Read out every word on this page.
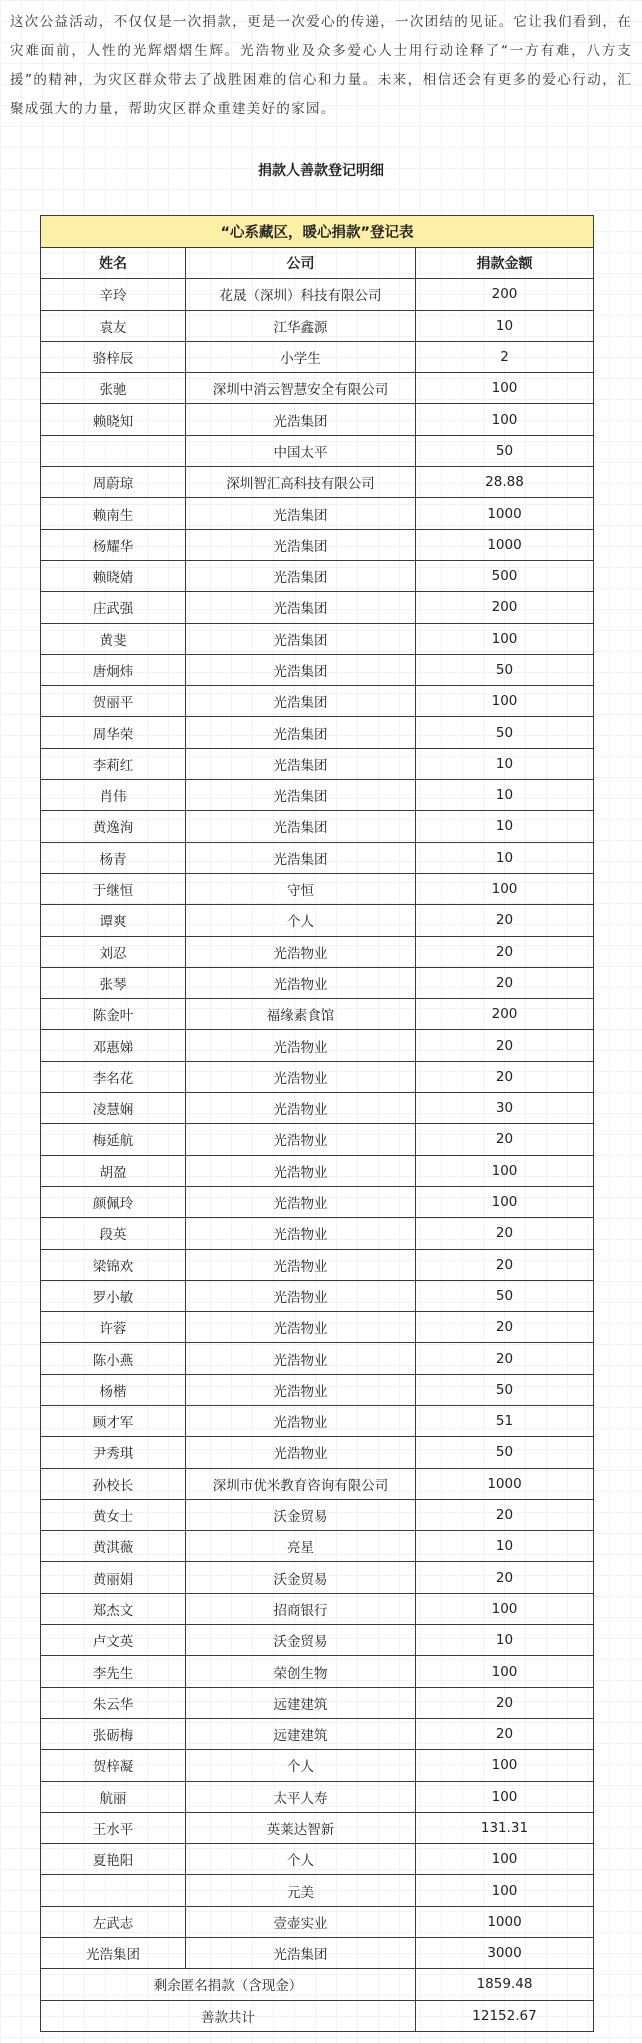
这次公益活动，不仅仅是一次捐款，更是一次爱心的传递，一次团结的见证。它让我们看到，在灾难面前，人性的光辉熠熠生辉。光浩物业及众多爱心人士用行动诠释了“一方有难，八方支援”的精神，为灾区群众带去了战胜困难的信心和力量。未来，相信还会有更多的爱心行动，汇聚成强大的力量，帮助灾区群众重建美好的家园。

捐款人善款登记明细

“心系藏区，暖心捐款”登记表		
姓名	公司	捐款金额
辛玲	花晟（深圳）科技有限公司	200
袁友	江华鑫源	10
骆梓辰	小学生	2
张驰	深圳中消云智慧安全有限公司	100
赖晓知	光浩集团	100
	中国太平	50
周蔚琼	深圳智汇高科技有限公司	28.88
赖南生	光浩集团	1000
杨耀华	光浩集团	1000
赖晓婧	光浩集团	500
庄武强	光浩集团	200
黄斐	光浩集团	100
唐炯炜	光浩集团	50
贺丽平	光浩集团	100
周华荣	光浩集团	50
李莉红	光浩集团	10
肖伟	光浩集团	10
黄逸洵	光浩集团	10
杨青	光浩集团	10
于继恒	守恒	100
谭爽	个人	20
刘忍	光浩物业	20
张琴	光浩物业	20
陈金叶	福缘素食馆	200
邓惠娣	光浩物业	20
李名花	光浩物业	20
凌慧娴	光浩物业	30
梅延航	光浩物业	20
胡盈	光浩物业	100
颜佩玲	光浩物业	100
段英	光浩物业	20
梁锦欢	光浩物业	20
罗小敏	光浩物业	50
许蓉	光浩物业	20
陈小燕	光浩物业	20
杨楷	光浩物业	50
顾才军	光浩物业	51
尹秀琪	光浩物业	50
孙校长	深圳市优米教育咨询有限公司	1000
黄女士	沃金贸易	20
黄淇薇	亮星	10
黄丽娟	沃金贸易	20
郑杰文	招商银行	100
卢文英	沃金贸易	10
李先生	荣创生物	100
朱云华	远建建筑	20
张砺梅	远建建筑	20
贺梓凝	个人	100
航丽	太平人寿	100
王水平	英莱达智新	131.31
夏艳阳	个人	100
	元美	100
左武志	壹壶实业	1000
光浩集团	光浩集团	3000
剩余匿名捐款（含现金）		1859.48
善款共计		12152.67
